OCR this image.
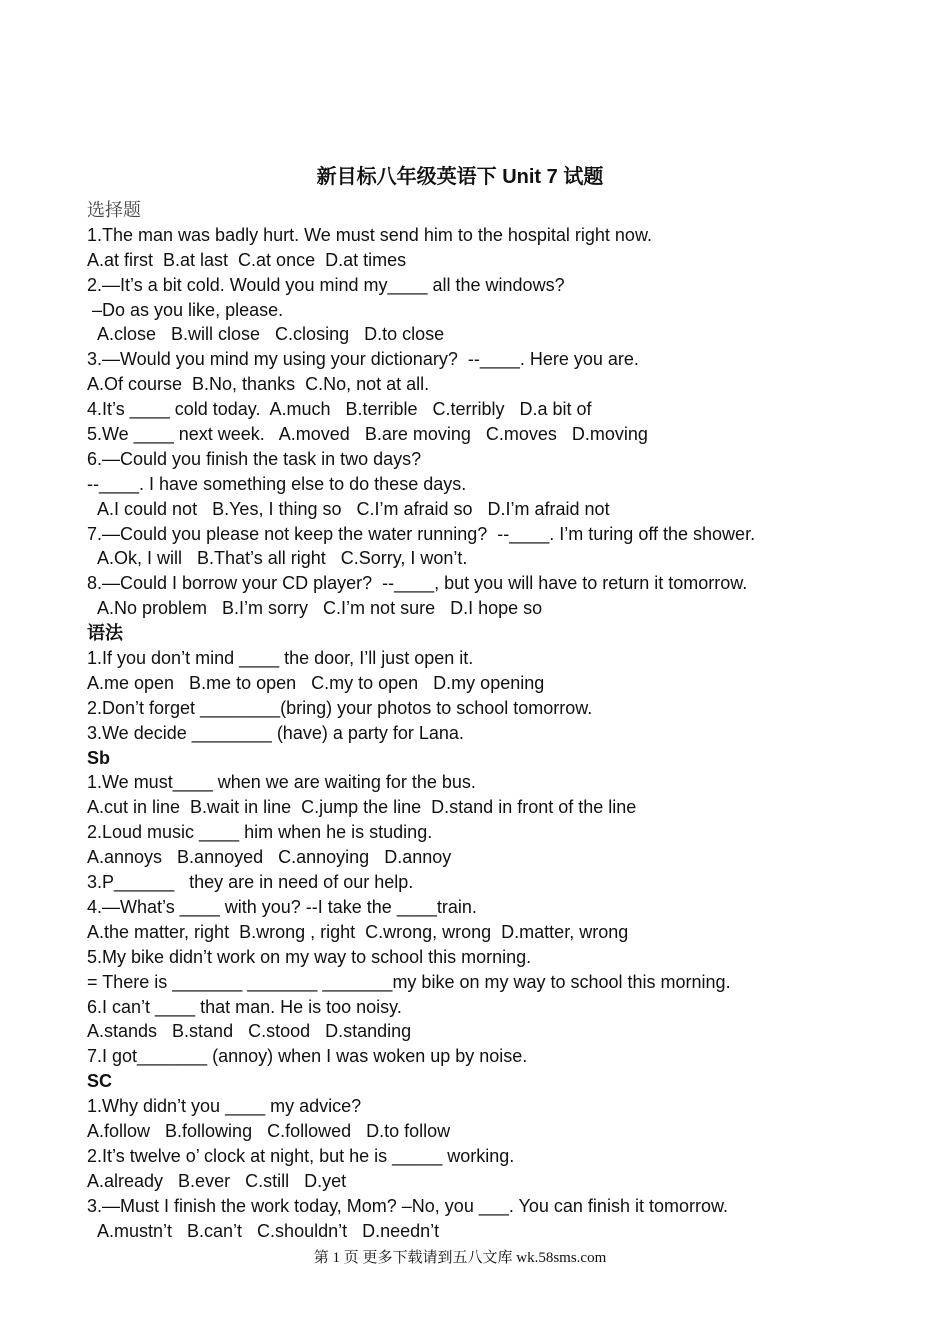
新目标八年级英语下 Unit 7 试题
选择题
1.The man was badly hurt. We must send him to the hospital right now.
A.at first  B.at last  C.at once  D.at times
2.—It’s a bit cold. Would you mind my____ all the windows?
–Do as you like, please.
A.close   B.will close   C.closing   D.to close
3.—Would you mind my using your dictionary?  --____. Here you are.
A.Of course  B.No, thanks  C.No, not at all.
4.It’s ____ cold today.  A.much   B.terrible   C.terribly   D.a bit of
5.We ____ next week.   A.moved   B.are moving   C.moves   D.moving
6.—Could you finish the task in two days?
--____. I have something else to do these days.
A.I could not   B.Yes, I thing so   C.I’m afraid so   D.I’m afraid not
7.—Could you please not keep the water running?  --____. I’m turing off the shower.
A.Ok, I will   B.That’s all right   C.Sorry, I won’t.
8.—Could I borrow your CD player?  --____, but you will have to return it tomorrow.
A.No problem   B.I’m sorry   C.I’m not sure   D.I hope so
语法
1.If you don’t mind ____ the door, I’ll just open it.
A.me open   B.me to open   C.my to open   D.my opening
2.Don’t forget ________(bring) your photos to school tomorrow.
3.We decide ________ (have) a party for Lana.
Sb
1.We must____ when we are waiting for the bus.
A.cut in line  B.wait in line  C.jump the line  D.stand in front of the line
2.Loud music ____ him when he is studing.
A.annoys   B.annoyed   C.annoying   D.annoy
3.P______   they are in need of our help.
4.—What’s ____ with you? --I take the ____train.
A.the matter, right  B.wrong , right  C.wrong, wrong  D.matter, wrong
5.My bike didn’t work on my way to school this morning.
= There is _______ _______ _______my bike on my way to school this morning.
6.I can’t ____ that man. He is too noisy.
A.stands   B.stand   C.stood   D.standing
7.I got_______ (annoy) when I was woken up by noise.
SC
1.Why didn’t you ____ my advice?
A.follow   B.following   C.followed   D.to follow
2.It’s twelve o’ clock at night, but he is _____ working.
A.already   B.ever   C.still   D.yet
3.—Must I finish the work today, Mom? –No, you ___. You can finish it tomorrow.
A.mustn’t   B.can’t   C.shouldn’t   D.needn’t
第 1 页 更多下载请到五八文库 wk.58sms.com
